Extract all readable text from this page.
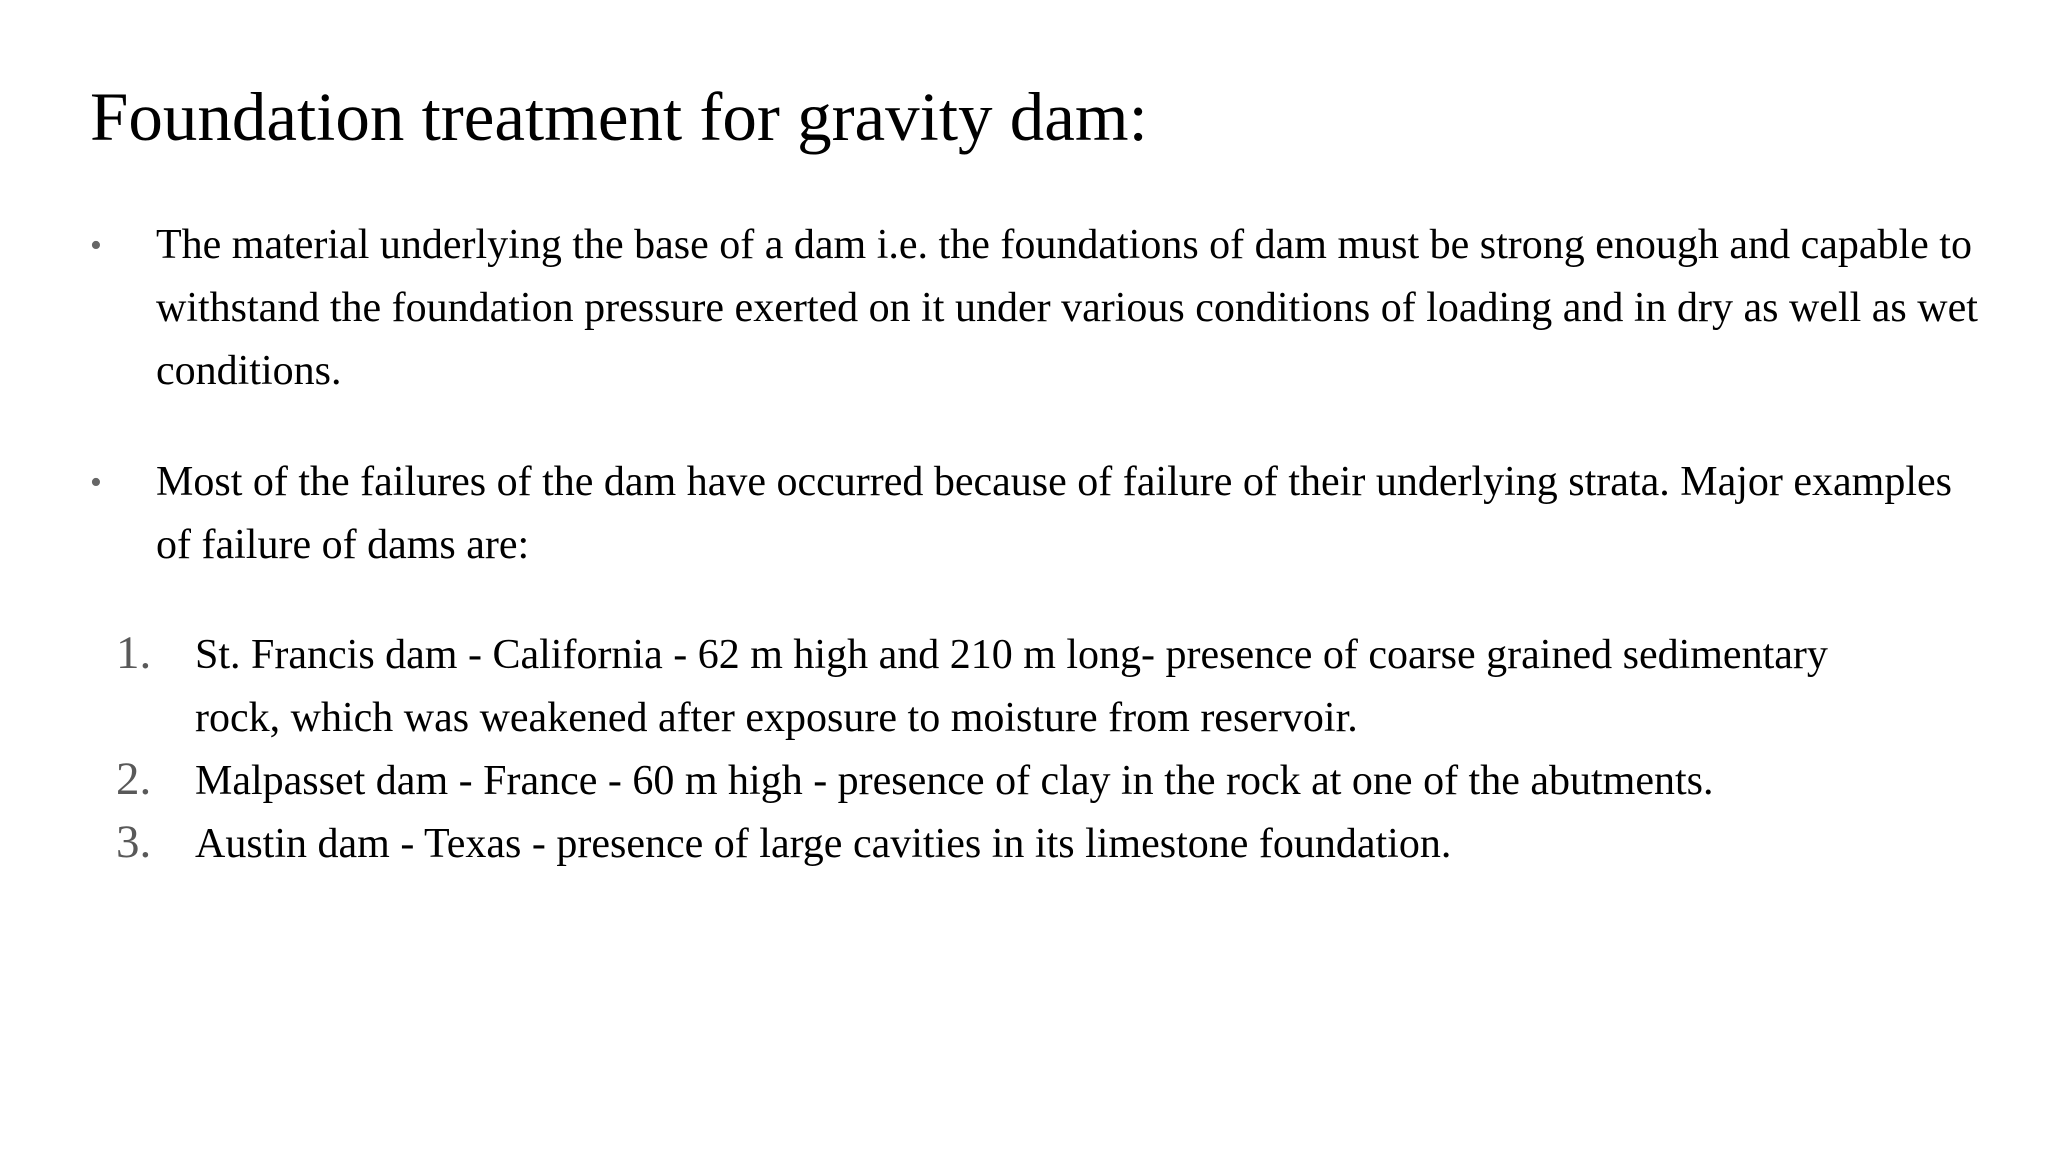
Foundation treatment for gravity dam:
• The material underlying the base of a dam i.e. the foundations of dam must be strong enough and capable to withstand the foundation pressure exerted on it under various conditions of loading and in dry as well as wet conditions.
• Most of the failures of the dam have occurred because of failure of their underlying strata. Major examples of failure of dams are:
1. St. Francis dam - California - 62 m high and 210 m long- presence of coarse grained sedimentary rock, which was weakened after exposure to moisture from reservoir.
2. Malpasset dam - France - 60 m high - presence of clay in the rock at one of the abutments.
3. Austin dam - Texas - presence of large cavities in its limestone foundation.
